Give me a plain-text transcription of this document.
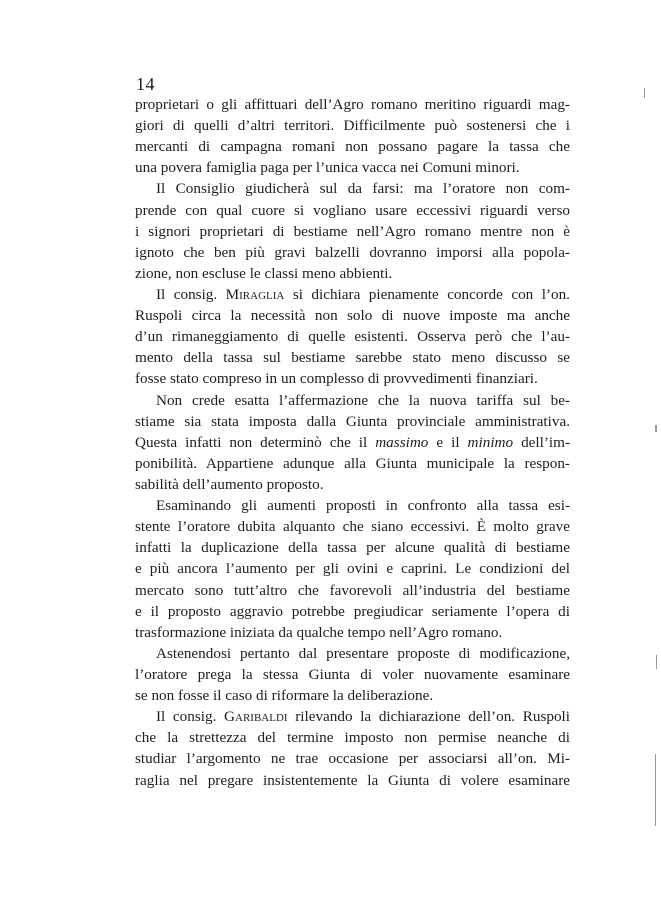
14
proprietari o gli affittuari dell’Agro romano meritino riguardi mag-
giori di quelli d’altri territori. Difficilmente può sostenersi che i
mercanti di campagna romani non possano pagare la tassa che
una povera famiglia paga per l’unica vacca nei Comuni minori.
Il Consiglio giudicherà sul da farsi: ma l’oratore non com-
prende con qual cuore si vogliano usare eccessivi riguardi verso
i signori proprietari di bestiame nell’Agro romano mentre non è
ignoto che ben più gravi balzelli dovranno imporsi alla popola-
zione, non escluse le classi meno abbienti.
Il consig. Miraglia si dichiara pienamente concorde con l’on.
Ruspoli circa la necessità non solo di nuove imposte ma anche
d’un rimaneggiamento di quelle esistenti. Osserva però che l’au-
mento della tassa sul bestiame sarebbe stato meno discusso se
fosse stato compreso in un complesso di provvedimenti finanziari.
Non crede esatta l’affermazione che la nuova tariffa sul be-
stiame sia stata imposta dalla Giunta provinciale amministrativa.
Questa infatti non determinò che il massimo e il minimo dell’im-
ponibilità. Appartiene adunque alla Giunta municipale la respon-
sabilità dell’aumento proposto.
Esaminando gli aumenti proposti in confronto alla tassa esi-
stente l’oratore dubita alquanto che siano eccessivi. È molto grave
infatti la duplicazione della tassa per alcune qualità di bestiame
e più ancora l’aumento per gli ovini e caprini. Le condizioni del
mercato sono tutt’altro che favorevoli all’industria del bestiame
e il proposto aggravio potrebbe pregiudicar seriamente l’opera di
trasformazione iniziata da qualche tempo nell’Agro romano.
Astenendosi pertanto dal presentare proposte di modificazione,
l’oratore prega la stessa Giunta di voler nuovamente esaminare
se non fosse il caso di riformare la deliberazione.
Il consig. Garibaldi rilevando la dichiarazione dell’on. Ruspoli
che la strettezza del termine imposto non permise neanche di
studiar l’argomento ne trae occasione per associarsi all’on. Mi-
raglia nel pregare insistentemente la Giunta di volere esaminare
